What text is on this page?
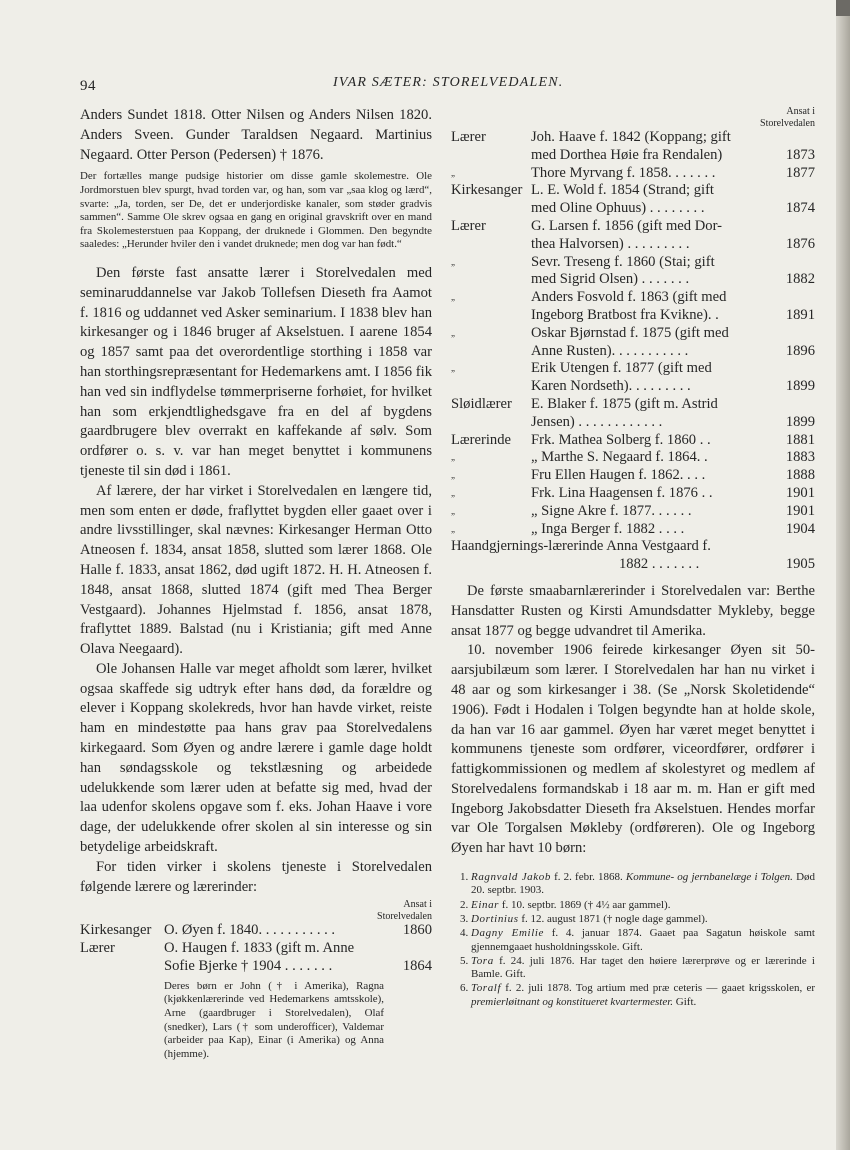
94	IVAR SÆTER: STORELVEDALEN.

Anders Sundet 1818. Otter Nilsen og Anders Nilsen 1820. Anders Sveen. Gunder Taraldsen Negaard. Martinius Negaard. Otter Person (Pedersen) † 1876.

Der fortælles mange pudsige historier om disse gamle skolemestre. Ole Jordmorstuen blev spurgt, hvad torden var, og han, som var „saa klog og lærd“, svarte: „Ja, torden, ser De, det er underjordiske kanaler, som støder gradvis sammen“. Samme Ole skrev ogsaa en gang en original gravskrift over en mand fra Skolemesterstuen paa Koppang, der druknede i Glommen. Den begyndte saaledes: „Herunder hviler den i vandet druknede; men dog var han født.“

Den første fast ansatte lærer i Storelvedalen med seminaruddannelse var Jakob Tollefsen Dieseth fra Aamot f. 1816 og uddannet ved Asker seminarium. I 1838 blev han kirkesanger og i 1846 bruger af Akselstuen. I aarene 1854 og 1857 samt paa det overordentlige storthing i 1858 var han storthingsrepræsentant for Hedemarkens amt. I 1856 fik han ved sin indflydelse tømmerpriserne forhøiet, for hvilket han som erkjendtlighedsgave fra en del af bygdens gaardbrugere blev overrakt en kaffekande af sølv. Som ordfører o. s. v. var han meget benyttet i kommunens tjeneste til sin død i 1861.

Af lærere, der har virket i Storelvedalen en længere tid, men som enten er døde, fraflyttet bygden eller gaaet over i andre livsstillinger, skal nævnes: Kirkesanger Herman Otto Atneosen f. 1834, ansat 1858, slutted som lærer 1868. Ole Halle f. 1833, ansat 1862, død ugift 1872. H. H. Atneosen f. 1848, ansat 1868, slutted 1874 (gift med Thea Berger Vestgaard). Johannes Hjelmstad f. 1856, ansat 1878, fraflyttet 1889. Balstad (nu i Kristiania; gift med Anne Olava Neegaard).

Ole Johansen Halle var meget afholdt som lærer, hvilket ogsaa skaffede sig udtryk efter hans død, da forældre og elever i Koppang skolekreds, hvor han havde virket, reiste ham en mindestøtte paa hans grav paa Storelvedalens kirkegaard. Som Øyen og andre lærere i gamle dage holdt han søndagsskole og tekstlæsning og arbeidede udelukkende som lærer uden at befatte sig med, hvad der laa udenfor skolens opgave som f. eks. Johan Haave i vore dage, der udelukkende ofrer skolen al sin interesse og sin betydelige arbeidskraft.

For tiden virker i skolens tjeneste i Storelvedalen følgende lærere og lærerinder:

Ansat i
Storelvedalen
Kirkesanger	O. Øyen f. 1840. . . . . . . . . . .	1860
Lærer	O. Haugen f. 1833 (gift m. Anne	
	Sofie Bjerke † 1904 . . . . . . .	1864

Deres børn er John († i Amerika), Ragna (kjøkkenlærerinde ved Hedemarkens amtsskole), Arne (gaardbruger i Storelvedalen), Olaf (snedker), Lars († som underofficer), Valdemar (arbeider paa Kap), Einar (i Amerika) og Anna (hjemme).

Ansat i
Storelvedalen
Lærer	Joh. Haave f. 1842 (Koppang; gift	
	med Dorthea Høie fra Rendalen)	1873
„	Thore Myrvang f. 1858. . . . . . .	1877
Kirkesanger	L. E. Wold f. 1854 (Strand; gift	
	med Oline Ophuus) . . . . . . . .	1874
Lærer	G. Larsen f. 1856 (gift med Dor-	
	thea Halvorsen) . . . . . . . . .	1876
„	Sevr. Treseng f. 1860 (Stai; gift	
	med Sigrid Olsen) . . . . . . .	1882
„	Anders Fosvold f. 1863 (gift med	
	Ingeborg Bratbost fra Kvikne). .	1891
„	Oskar Bjørnstad f. 1875 (gift med	
	Anne Rusten). . . . . . . . . . .	1896
„	Erik Utengen f. 1877 (gift med	
	Karen Nordseth). . . . . . . . .	1899
Sløidlærer	E. Blaker f. 1875 (gift m. Astrid	
	Jensen) . . . . . . . . . . . .	1899
Lærerinde	Frk. Mathea Solberg f. 1860 . .	1881
„	„ Marthe S. Negaard f. 1864. .	1883
„	Fru Ellen Haugen f. 1862. . . .	1888
„	Frk. Lina Haagensen f. 1876 . .	1901
„	„ Signe Akre f. 1877. . . . . .	1901
„	„ Inga Berger f. 1882 . . . .	1904
Haandgjernings-lærerinde Anna Vestgaard f.
1882 . . . . . . .	1905

De første smaabarnlærerinder i Storelvedalen var: Berthe Hansdatter Rusten og Kirsti Amundsdatter Mykleby, begge ansat 1877 og begge udvandret til Amerika.

10. november 1906 feirede kirkesanger Øyen sit 50-aarsjubilæum som lærer. I Storelvedalen har han nu virket i 48 aar og som kirkesanger i 38. (Se „Norsk Skoletidende“ 1906). Født i Hodalen i Tolgen begyndte han at holde skole, da han var 16 aar gammel. Øyen har været meget benyttet i kommunens tjeneste som ordfører, viceordfører, ordfører i fattigkommissionen og medlem af skolestyret og medlem af Storelvedalens formandskab i 18 aar m. m. Han er gift med Ingeborg Jakobsdatter Dieseth fra Akselstuen. Hendes morfar var Ole Torgalsen Møkleby (ordføreren). Ole og Ingeborg Øyen har havt 10 børn:

1. Ragnvald Jakob f. 2. febr. 1868. Kommune- og jernbanelæge i Tolgen. Død 20. septbr. 1903.
2. Einar f. 10. septbr. 1869 († 4½ aar gammel).
3. Dortinius f. 12. august 1871 († nogle dage gammel).
4. Dagny Emilie f. 4. januar 1874. Gaaet paa Sagatun høiskole samt gjennemgaaet husholdningsskole. Gift.
5. Tora f. 24. juli 1876. Har taget den høiere lærerprøve og er lærerinde i Bamle. Gift.
6. Toralf f. 2. juli 1878. Tog artium med præ ceteris — gaaet krigsskolen, er premierløitnant og konstitueret kvartermester. Gift.
